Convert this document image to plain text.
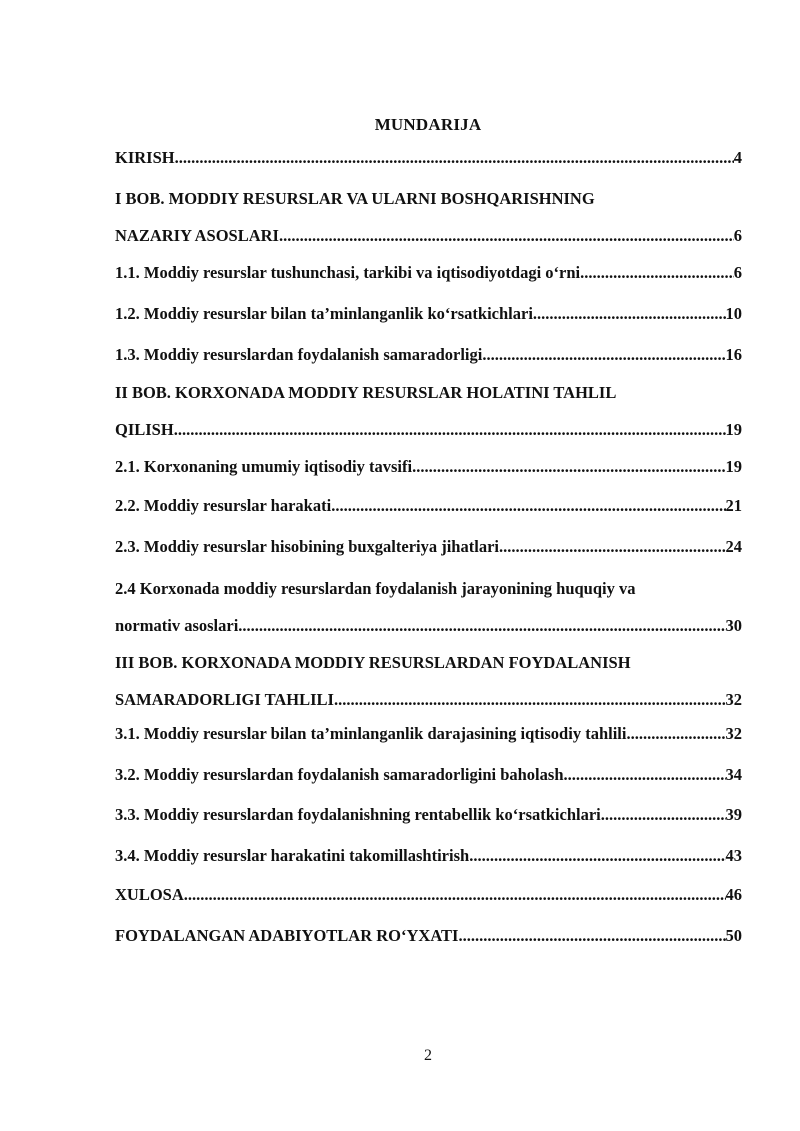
MUNDARIJA
KIRISH .....	4
I BOB. MODDIY RESURSLAR VA ULARNI BOSHQARISHNING
NAZARIY ASOSLARI .....	6
1.1. Moddiy resurslar tushunchasi, tarkibi va iqtisodiyotdagi o‘rni .....	6
1.2. Moddiy resurslar bilan ta’minlanganlik ko‘rsatkichlari .....	10
1.3. Moddiy resurslardan foydalanish samaradorligi .....	16
II BOB. KORXONADA MODDIY RESURSLAR HOLATINI TAHLIL
QILISH .....	19
2.1. Korxonaning umumiy iqtisodiy tavsifi .....	19
2.2. Moddiy resurslar harakati .....	21
2.3. Moddiy resurslar hisobining buxgalteriya jihatlari .....	24
2.4 Korxonada moddiy resurslardan foydalanish jarayonining huquqiy va
normativ asoslari .....	30
III BOB. KORXONADA MODDIY RESURSLARDAN FOYDALANISH
SAMARADORLIGI TAHLILI .....	32
3.1. Moddiy resurslar bilan ta’minlanganlik darajasining iqtisodiy tahlili .....	32
3.2. Moddiy resurslardan foydalanish samaradorligini baholash .....	34
3.3. Moddiy resurslardan foydalanishning rentabellik ko‘rsatkichlari .....	39
3.4. Moddiy resurslar harakatini takomillashtirish .....	43
XULOSA .....	46
FOYDALANGAN ADABIYOTLAR RO‘YXATI .....	50
2
